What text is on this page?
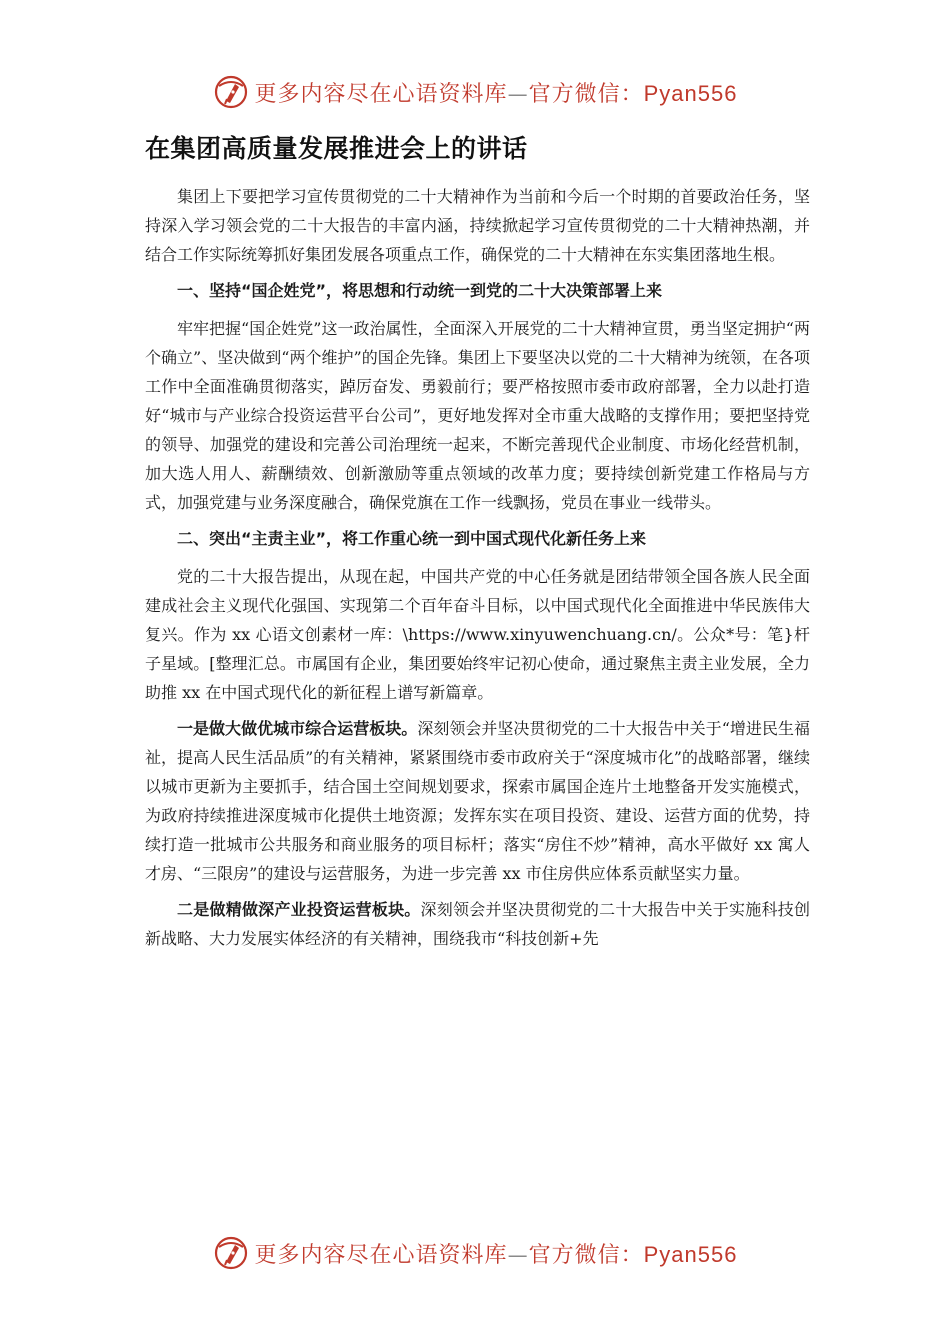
更多内容尽在心语资料库—官方微信：Pyan556
在集团高质量发展推进会上的讲话

集团上下要把学习宣传贯彻党的二十大精神作为当前和今后一个时期的首要政治任务，坚持深入学习领会党的二十大报告的丰富内涵，持续掀起学习宣传贯彻党的二十大精神热潮，并结合工作实际统筹抓好集团发展各项重点工作，确保党的二十大精神在东实集团落地生根。

一、坚持“国企姓党”，将思想和行动统一到党的二十大决策部署上来

牢牢把握“国企姓党”这一政治属性，全面深入开展党的二十大精神宣贯，勇当坚定拥护“两个确立”、坚决做到“两个维护”的国企先锋。集团上下要坚决以党的二十大精神为统领，在各项工作中全面准确贯彻落实，踔厉奋发、勇毅前行；要严格按照市委市政府部署，全力以赴打造好“城市与产业综合投资运营平台公司”，更好地发挥对全市重大战略的支撑作用；要把坚持党的领导、加强党的建设和完善公司治理统一起来，不断完善现代企业制度、市场化经营机制， 加大选人用人、薪酬绩效、创新激励等重点领域的改革力度；要持续创新党建工作格局与方式，加强党建与业务深度融合，确保党旗在工作一线飘扬，党员在事业一线带头。

二、突出“主责主业”，将工作重心统一到中国式现代化新任务上来

党的二十大报告提出，从现在起，中国共产党的中心任务就是团结带领全国各族人民全面建成社会主义现代化强国、实现第二个百年奋斗目标，以中国式现代化全面推进中华民族伟大复兴。作为 xx 心语文创素材一库：\https://www.xinyuwenchuang.cn/。公众*号：笔}杆子星域。[整理汇总。市属国有企业，集团要始终牢记初心使命，通过聚焦主责主业发展，全力助推 xx 在中国式现代化的新征程上谱写新篇章。

一是做大做优城市综合运营板块。深刻领会并坚决贯彻党的二十大报告中关于“增进民生福祉，提高人民生活品质”的有关精神，紧紧围绕市委市政府关于“深度城市化”的战略部署，继续以城市更新为主要抓手，结合国土空间规划要求，探索市属国企连片土地整备开发实施模式，为政府持续推进深度城市化提供土地资源；发挥东实在项目投资、建设、运营方面的优势，持续打造一批城市公共服务和商业服务的项目标杆；落实“房住不炒”精神，高水平做好 xx 寓人才房、“三限房”的建设与运营服务，为进一步完善 xx 市住房供应体系贡献坚实力量。

二是做精做深产业投资运营板块。深刻领会并坚决贯彻党的二十大报告中关于实施科技创新战略、大力发展实体经济的有关精神，围绕我市“科技创新+先

更多内容尽在心语资料库—官方微信：Pyan556
